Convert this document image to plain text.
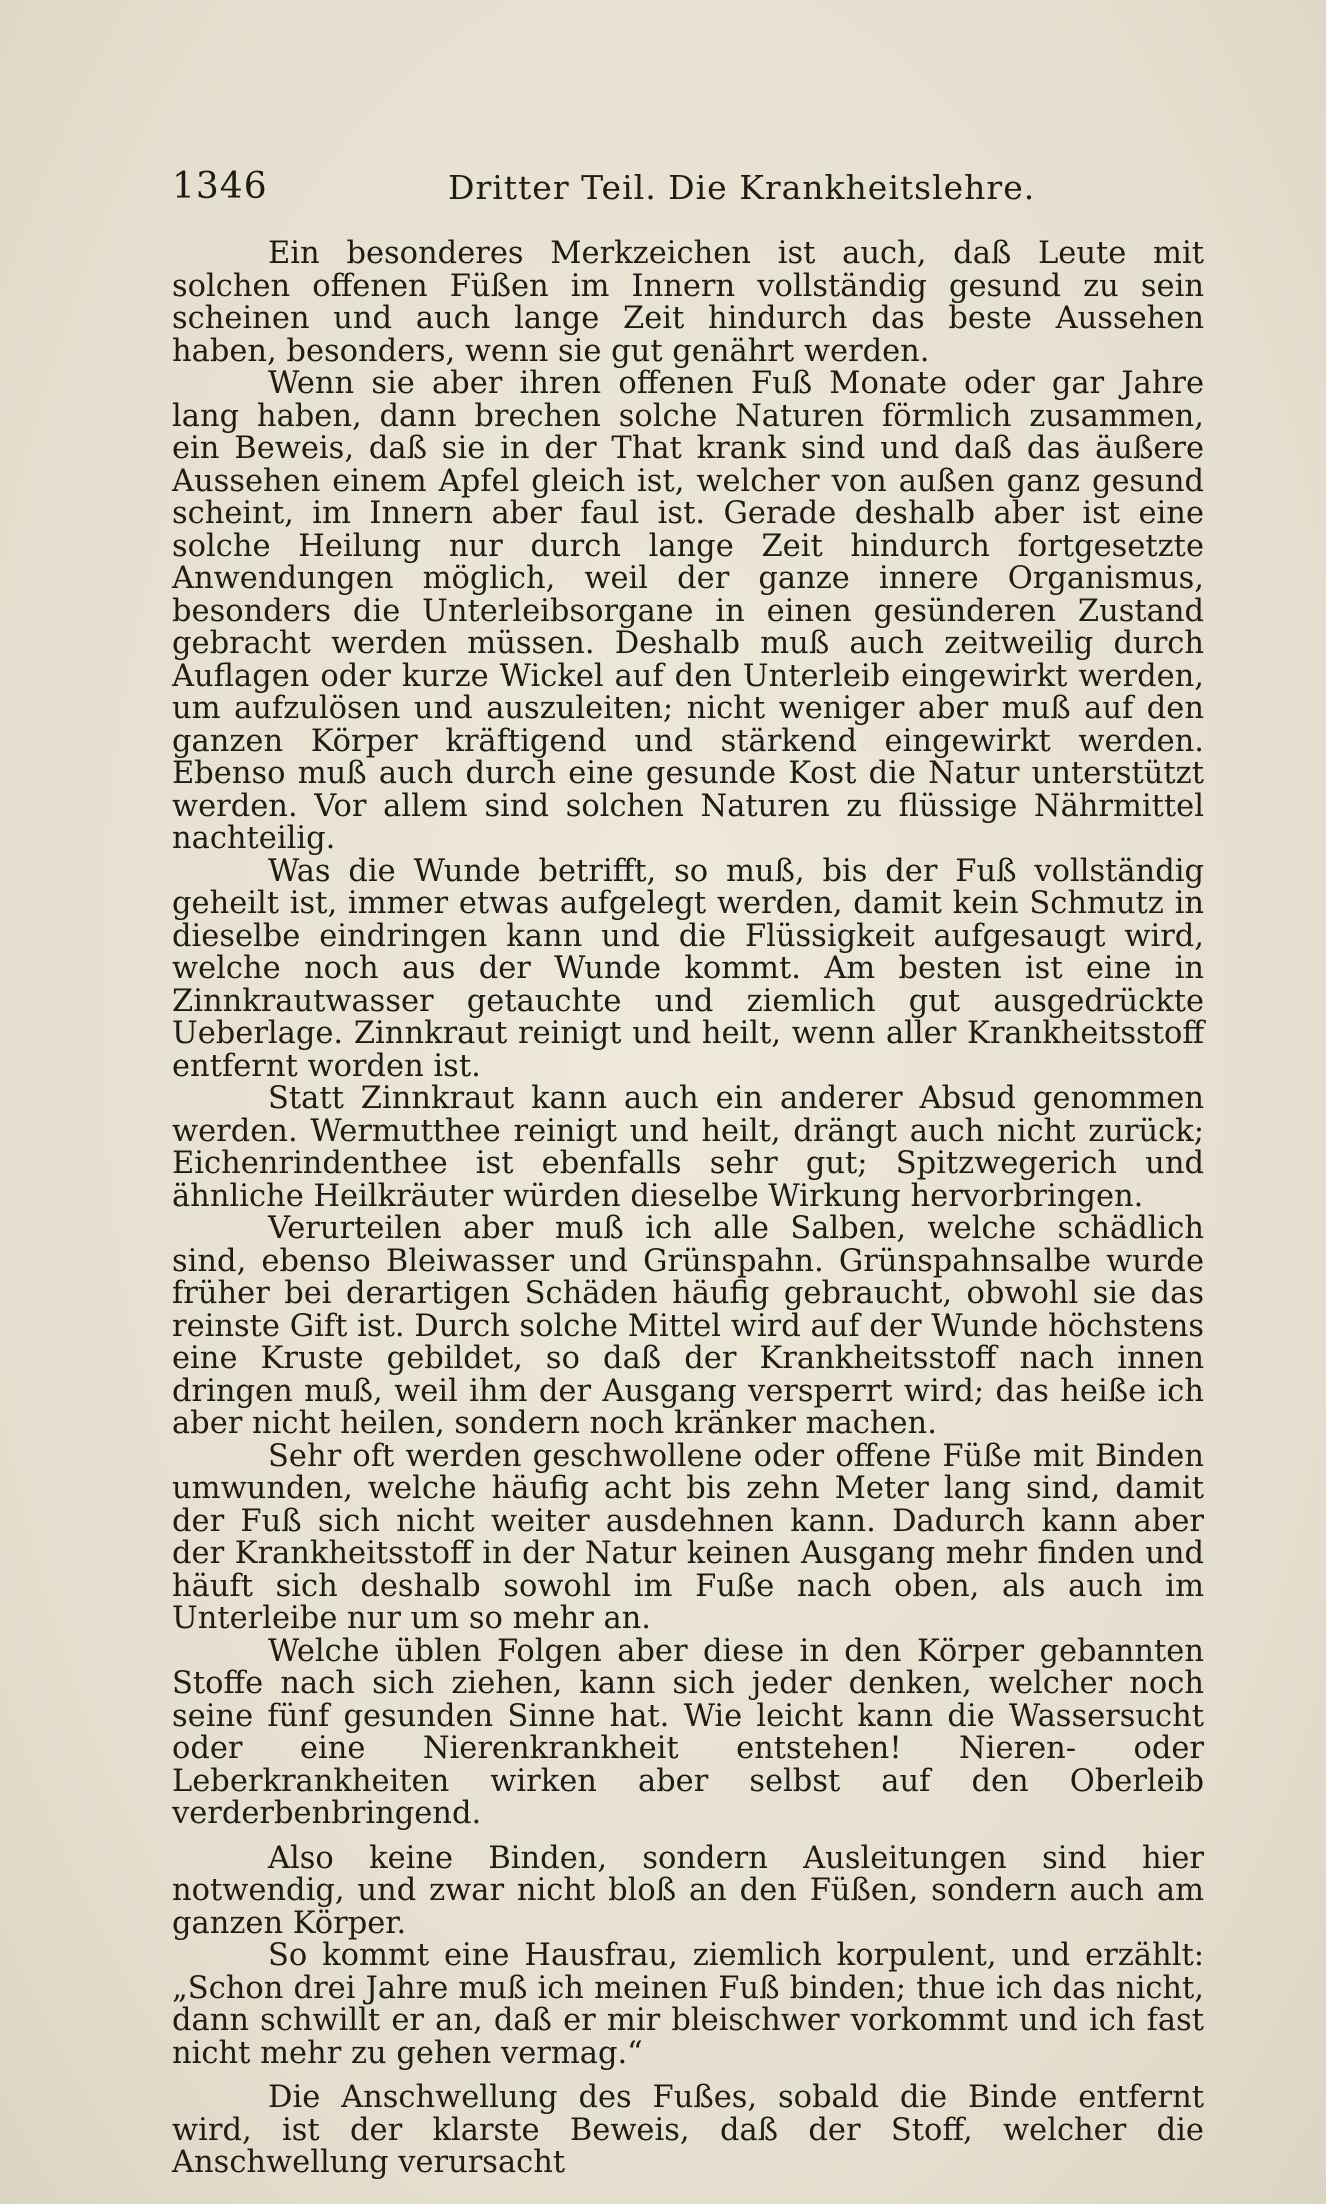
1346	Dritter Teil. Die Krankheitslehre.

Ein besonderes Merkzeichen ist auch, daß Leute mit solchen offenen Füßen im Innern vollständig gesund zu sein scheinen und auch lange Zeit hindurch das beste Aussehen haben, besonders, wenn sie gut genährt werden.

Wenn sie aber ihren offenen Fuß Monate oder gar Jahre lang haben, dann brechen solche Naturen förmlich zusammen, ein Beweis, daß sie in der That krank sind und daß das äußere Aussehen einem Apfel gleich ist, welcher von außen ganz gesund scheint, im Innern aber faul ist. Gerade deshalb aber ist eine solche Heilung nur durch lange Zeit hindurch fortgesetzte Anwendungen möglich, weil der ganze innere Organismus, besonders die Unterleibsorgane in einen gesünderen Zustand gebracht werden müssen. Deshalb muß auch zeitweilig durch Auflagen oder kurze Wickel auf den Unterleib eingewirkt werden, um aufzulösen und auszuleiten; nicht weniger aber muß auf den ganzen Körper kräftigend und stärkend eingewirkt werden. Ebenso muß auch durch eine gesunde Kost die Natur unterstützt werden. Vor allem sind solchen Naturen zu flüssige Nährmittel nachteilig.

Was die Wunde betrifft, so muß, bis der Fuß vollständig geheilt ist, immer etwas aufgelegt werden, damit kein Schmutz in dieselbe eindringen kann und die Flüssigkeit aufgesaugt wird, welche noch aus der Wunde kommt. Am besten ist eine in Zinnkrautwasser getauchte und ziemlich gut ausgedrückte Ueberlage. Zinnkraut reinigt und heilt, wenn aller Krankheitsstoff entfernt worden ist.

Statt Zinnkraut kann auch ein anderer Absud genommen werden. Wermutthee reinigt und heilt, drängt auch nicht zurück; Eichenrindenthee ist ebenfalls sehr gut; Spitzwegerich und ähnliche Heilkräuter würden dieselbe Wirkung hervorbringen.

Verurteilen aber muß ich alle Salben, welche schädlich sind, ebenso Bleiwasser und Grünspahn. Grünspahnsalbe wurde früher bei derartigen Schäden häufig gebraucht, obwohl sie das reinste Gift ist. Durch solche Mittel wird auf der Wunde höchstens eine Kruste gebildet, so daß der Krankheitsstoff nach innen dringen muß, weil ihm der Ausgang versperrt wird; das heiße ich aber nicht heilen, sondern noch kränker machen.

Sehr oft werden geschwollene oder offene Füße mit Binden umwunden, welche häufig acht bis zehn Meter lang sind, damit der Fuß sich nicht weiter ausdehnen kann. Dadurch kann aber der Krankheitsstoff in der Natur keinen Ausgang mehr finden und häuft sich deshalb sowohl im Fuße nach oben, als auch im Unterleibe nur um so mehr an.

Welche üblen Folgen aber diese in den Körper gebannten Stoffe nach sich ziehen, kann sich jeder denken, welcher noch seine fünf gesunden Sinne hat. Wie leicht kann die Wassersucht oder eine Nierenkrankheit entstehen! Nieren- oder Leberkrankheiten wirken aber selbst auf den Oberleib verderbenbringend.

Also keine Binden, sondern Ausleitungen sind hier notwendig, und zwar nicht bloß an den Füßen, sondern auch am ganzen Körper.

So kommt eine Hausfrau, ziemlich korpulent, und erzählt: „Schon drei Jahre muß ich meinen Fuß binden; thue ich das nicht, dann schwillt er an, daß er mir bleischwer vorkommt und ich fast nicht mehr zu gehen vermag.“

Die Anschwellung des Fußes, sobald die Binde entfernt wird, ist der klarste Beweis, daß der Stoff, welcher die Anschwellung verursacht
